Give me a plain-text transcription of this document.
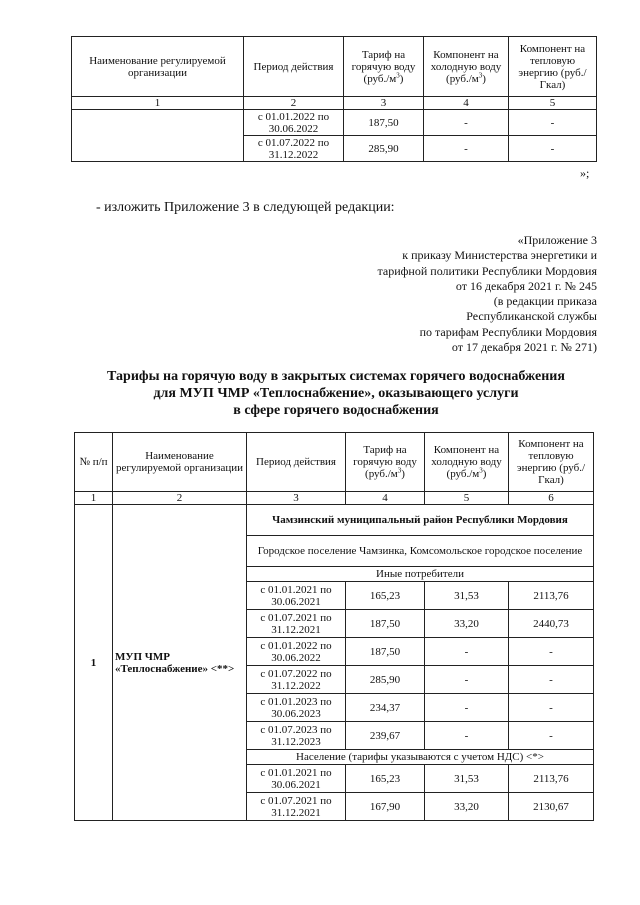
Наименование регулируемой организации	Период действия	Тариф на горячую воду $(руб./м^3)$	Компонент на холодную воду $(руб./м^3)$	Компонент на тепловую энергию (руб./Гкал)
1	2	3	4	5
	с 01.01.2022 по 30.06.2022	187,50	-	-
	с 01.07.2022 по 31.12.2022	285,90	-	-
»;
- изложить Приложение 3 в следующей редакции:
«Приложение 3
к приказу Министерства энергетики и
тарифной политики Республики Мордовия
от 16 декабря 2021 г. № 245
(в редакции приказа
Республиканской службы
по тарифам Республики Мордовия
от 17 декабря 2021 г. № 271)
Тарифы на горячую воду в закрытых системах горячего водоснабжения
для МУП ЧМР «Теплоснабжение», оказывающего услуги
в сфере горячего водоснабжения
№ п/п	Наименование регулируемой организации	Период действия	Тариф на горячую воду $(руб./м^3)$	Компонент на холодную воду $(руб./м^3)$	Компонент на тепловую энергию (руб./Гкал)
1	2	3	4	5	6
1	МУП ЧМР «Теплоснабжение» <**>	Чамзинский муниципальный район Республики Мордовия			
		Городское поселение Чамзинка, Комсомольское городское поселение			
		Иные потребители			
		с 01.01.2021 по 30.06.2021	165,23	31,53	2113,76
		с 01.07.2021 по 31.12.2021	187,50	33,20	2440,73
		с 01.01.2022 по 30.06.2022	187,50	-	-
		с 01.07.2022 по 31.12.2022	285,90	-	-
		с 01.01.2023 по 30.06.2023	234,37	-	-
		с 01.07.2023 по 31.12.2023	239,67	-	-
		Население (тарифы указываются с учетом НДС) <*>			
		с 01.01.2021 по 30.06.2021	165,23	31,53	2113,76
		с 01.07.2021 по 31.12.2021	167,90	33,20	2130,67
